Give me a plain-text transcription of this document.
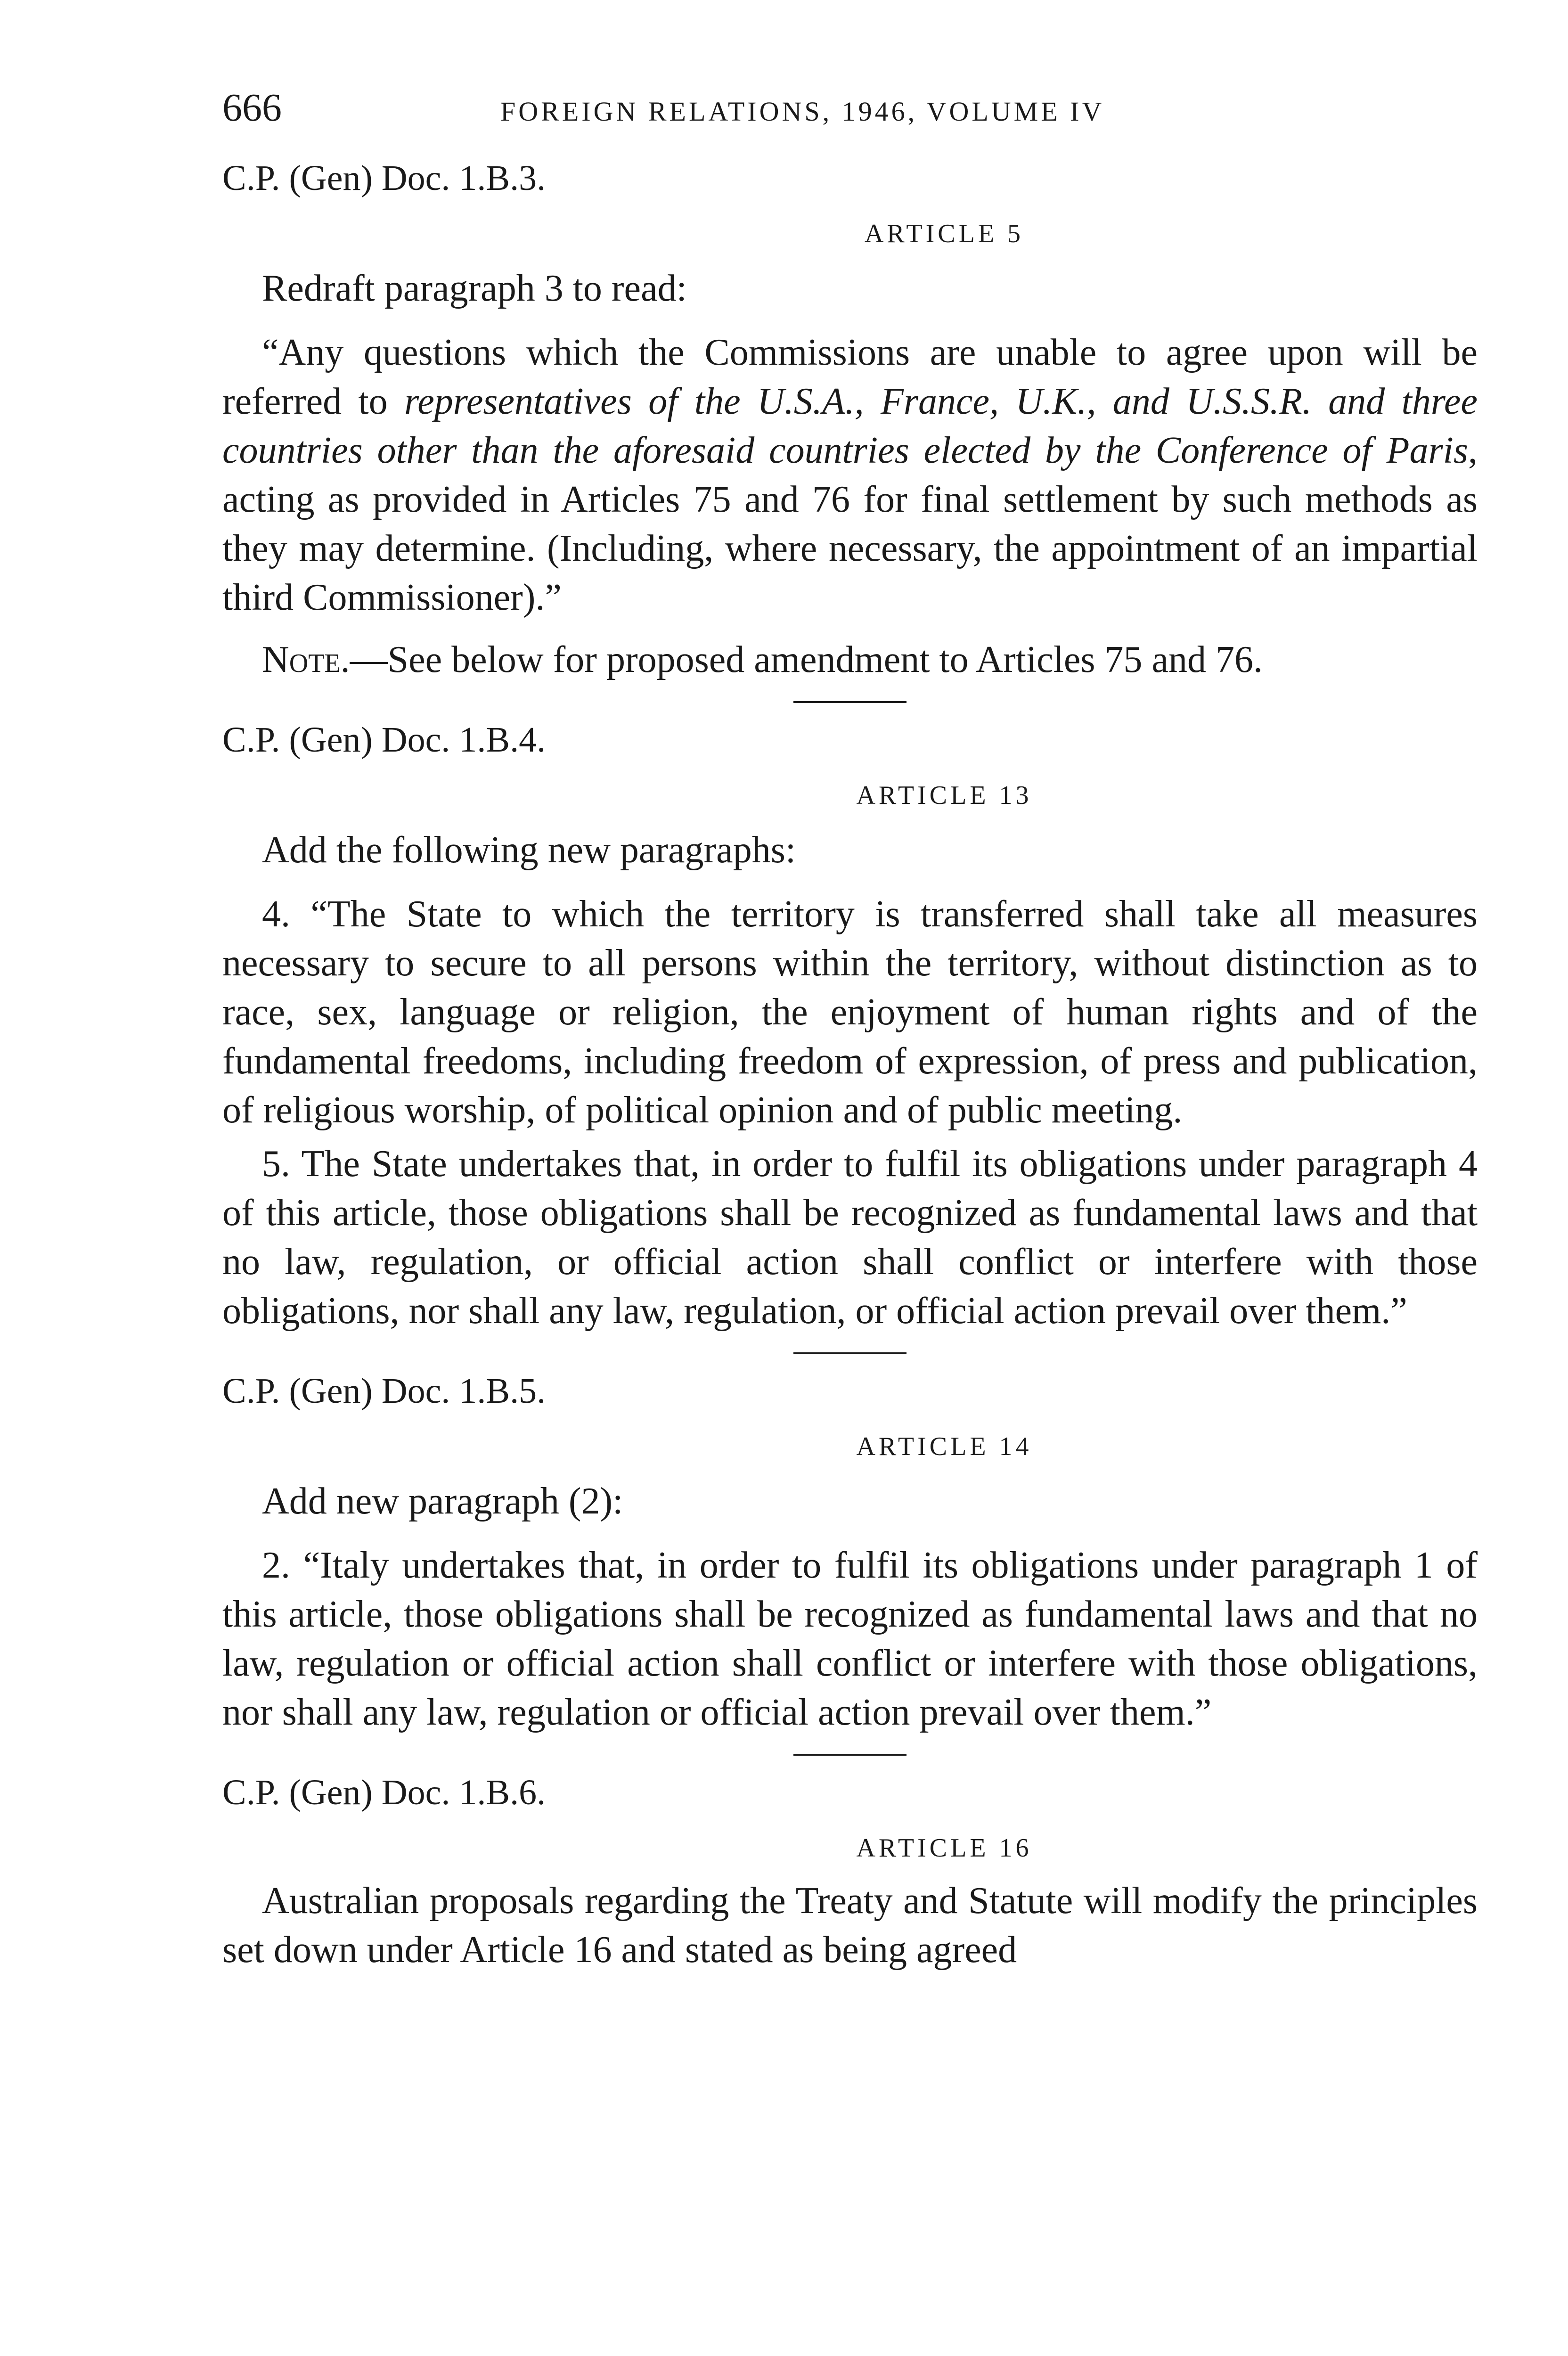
666	FOREIGN RELATIONS, 1946, VOLUME IV
C.P. (Gen) Doc. 1.B.3.
ARTICLE 5
Redraft paragraph 3 to read:

“Any questions which the Commissions are unable to agree upon will be referred to representatives of the U.S.A., France, U.K., and U.S.S.R. and three countries other than the aforesaid countries elected by the Conference of Paris, acting as provided in Articles 75 and 76 for final settlement by such methods as they may determine. (Including, where necessary, the appointment of an impartial third Commissioner).”

Note.—See below for proposed amendment to Articles 75 and 76.
C.P. (Gen) Doc. 1.B.4.
ARTICLE 13
Add the following new paragraphs:

4. “The State to which the territory is transferred shall take all measures necessary to secure to all persons within the territory, without distinction as to race, sex, language or religion, the enjoyment of human rights and of the fundamental freedoms, including freedom of expression, of press and publication, of religious worship, of political opinion and of public meeting.

5. The State undertakes that, in order to fulfil its obligations under paragraph 4 of this article, those obligations shall be recognized as fundamental laws and that no law, regulation, or official action shall conflict or interfere with those obligations, nor shall any law, regulation, or official action prevail over them.”

C.P. (Gen) Doc. 1.B.5.
ARTICLE 14
Add new paragraph (2):

2. “Italy undertakes that, in order to fulfil its obligations under paragraph 1 of this article, those obligations shall be recognized as fundamental laws and that no law, regulation or official action shall conflict or interfere with those obligations, nor shall any law, regulation or official action prevail over them.”

C.P. (Gen) Doc. 1.B.6.
ARTICLE 16

Australian proposals regarding the Treaty and Statute will modify the principles set down under Article 16 and stated as being agreed
